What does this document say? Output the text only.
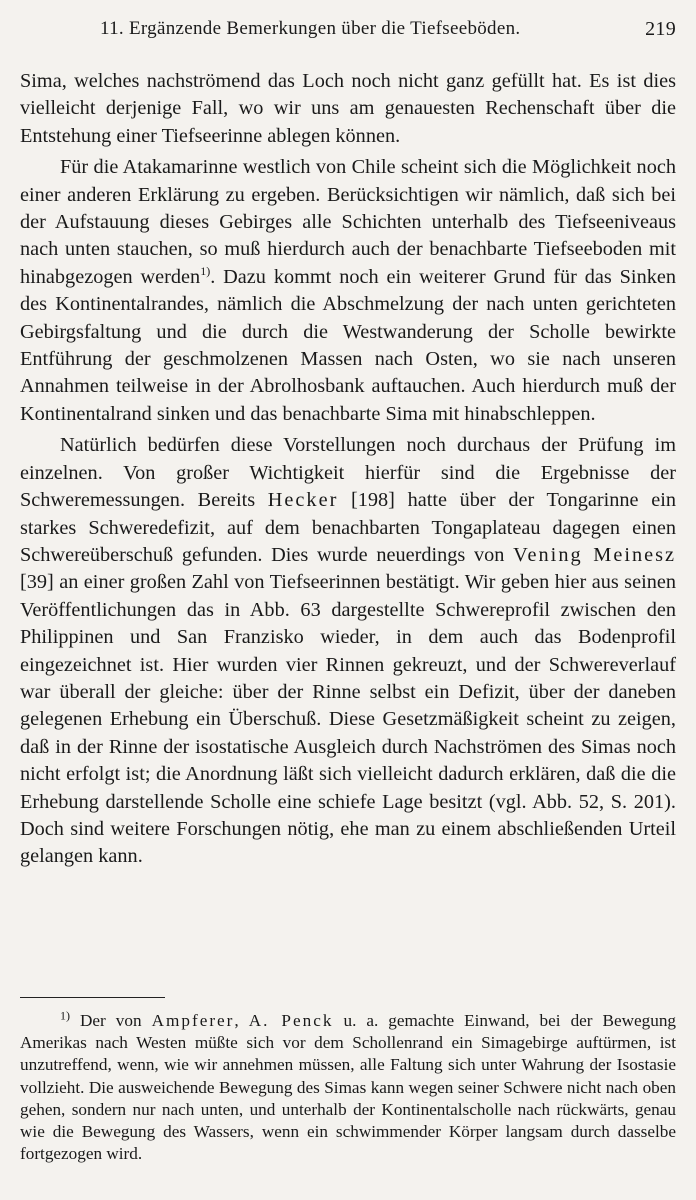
11. Ergänzende Bemerkungen über die Tiefseeböden.	219

Sima, welches nachströmend das Loch noch nicht ganz gefüllt hat. Es ist dies vielleicht derjenige Fall, wo wir uns am genauesten Rechenschaft über die Entstehung einer Tiefseerinne ablegen können.

Für die Atakamarinne westlich von Chile scheint sich die Möglichkeit noch einer anderen Erklärung zu ergeben. Berücksichtigen wir nämlich, daß sich bei der Aufstauung dieses Gebirges alle Schichten unterhalb des Tiefseeniveaus nach unten stauchen, so muß hierdurch auch der benachbarte Tiefseeboden mit hinabgezogen werden$^{1)}$. Dazu kommt noch ein weiterer Grund für das Sinken des Kontinentalrandes, nämlich die Abschmelzung der nach unten gerichteten Gebirgsfaltung und die durch die Westwanderung der Scholle bewirkte Entführung der geschmolzenen Massen nach Osten, wo sie nach unseren Annahmen teilweise in der Abrolhosbank auftauchen. Auch hierdurch muß der Kontinentalrand sinken und das benachbarte Sima mit hinabschleppen.

Natürlich bedürfen diese Vorstellungen noch durchaus der Prüfung im einzelnen. Von großer Wichtigkeit hierfür sind die Ergebnisse der Schweremessungen. Bereits Hecker [198] hatte über der Tongarinne ein starkes Schweredefizit, auf dem benachbarten Tongaplateau dagegen einen Schwereüberschuß gefunden. Dies wurde neuerdings von Vening Meinesz [39] an einer großen Zahl von Tiefseerinnen bestätigt. Wir geben hier aus seinen Veröffentlichungen das in Abb. 63 dargestellte Schwereprofil zwischen den Philippinen und San Franzisko wieder, in dem auch das Bodenprofil eingezeichnet ist. Hier wurden vier Rinnen gekreuzt, und der Schwereverlauf war überall der gleiche: über der Rinne selbst ein Defizit, über der daneben gelegenen Erhebung ein Überschuß. Diese Gesetzmäßigkeit scheint zu zeigen, daß in der Rinne der isostatische Ausgleich durch Nachströmen des Simas noch nicht erfolgt ist; die Anordnung läßt sich vielleicht dadurch erklären, daß die die Erhebung darstellende Scholle eine schiefe Lage besitzt (vgl. Abb. 52, S. 201). Doch sind weitere Forschungen nötig, ehe man zu einem abschließenden Urteil gelangen kann.

$^{1)}$ Der von Ampferer, A. Penck u. a. gemachte Einwand, bei der Bewegung Amerikas nach Westen müßte sich vor dem Schollenrand ein Simagebirge auftürmen, ist unzutreffend, wenn, wie wir annehmen müssen, alle Faltung sich unter Wahrung der Isostasie vollzieht. Die ausweichende Bewegung des Simas kann wegen seiner Schwere nicht nach oben gehen, sondern nur nach unten, und unterhalb der Kontinentalscholle nach rückwärts, genau wie die Bewegung des Wassers, wenn ein schwimmender Körper langsam durch dasselbe fortgezogen wird.
